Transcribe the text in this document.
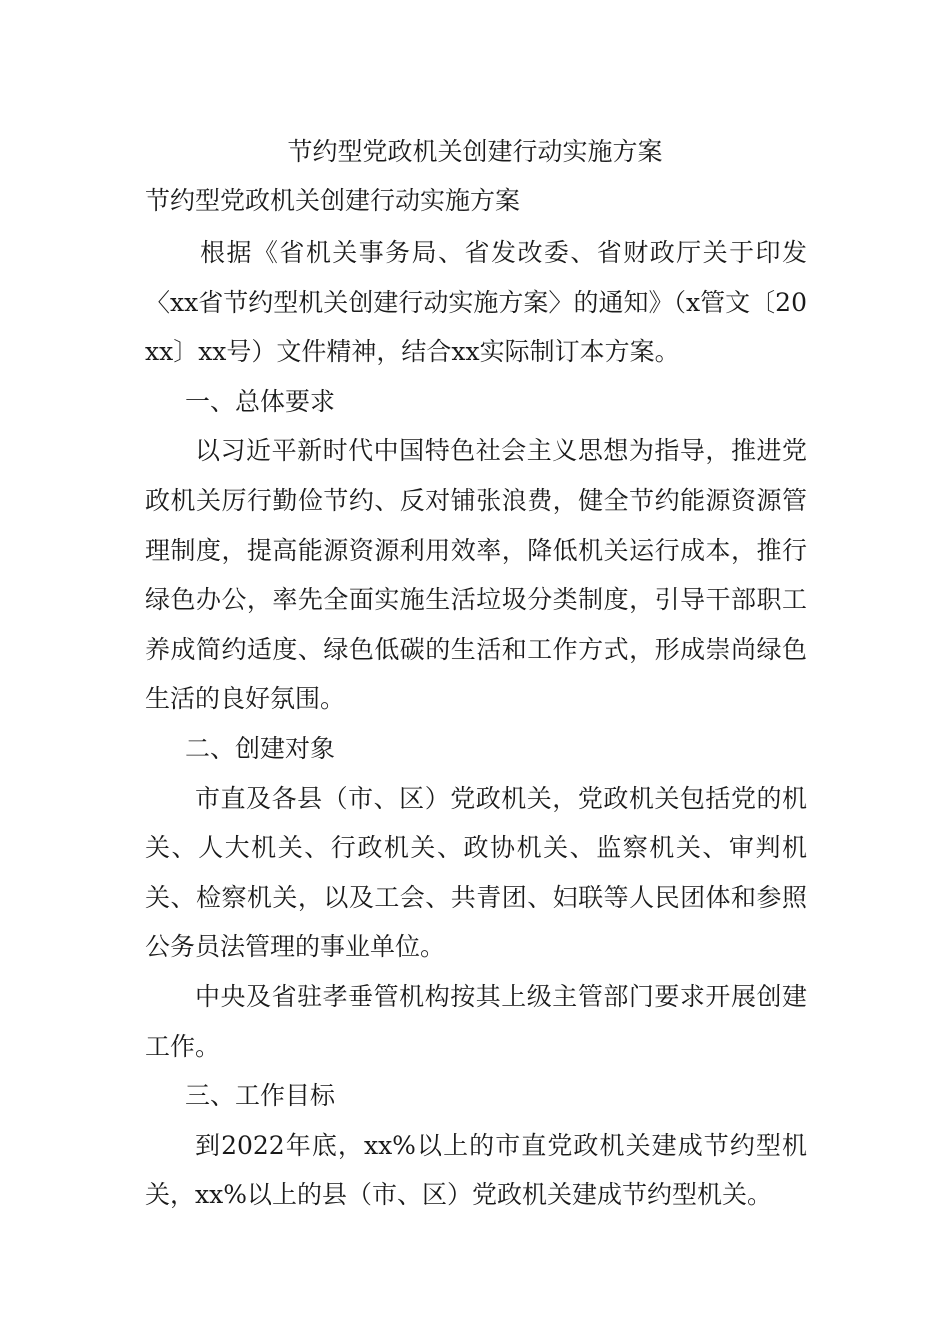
节约型党政机关创建行动实施方案
节约型党政机关创建行动实施方案

根据《省机关事务局、省发改委、省财政厅关于印发〈xx省节约型机关创建行动实施方案〉的通知》（x管文〔20xx〕xx号）文件精神，结合xx实际制订本方案。

一、总体要求

以习近平新时代中国特色社会主义思想为指导，推进党政机关厉行勤俭节约、反对铺张浪费，健全节约能源资源管理制度，提高能源资源利用效率，降低机关运行成本，推行绿色办公，率先全面实施生活垃圾分类制度，引导干部职工养成简约适度、绿色低碳的生活和工作方式，形成崇尚绿色生活的良好氛围。

二、创建对象

市直及各县（市、区）党政机关，党政机关包括党的机关、人大机关、行政机关、政协机关、监察机关、审判机关、检察机关，以及工会、共青团、妇联等人民团体和参照公务员法管理的事业单位。

中央及省驻孝垂管机构按其上级主管部门要求开展创建工作。

三、工作目标

到2022年底，xx%以上的市直党政机关建成节约型机关，xx%以上的县（市、区）党政机关建成节约型机关。
